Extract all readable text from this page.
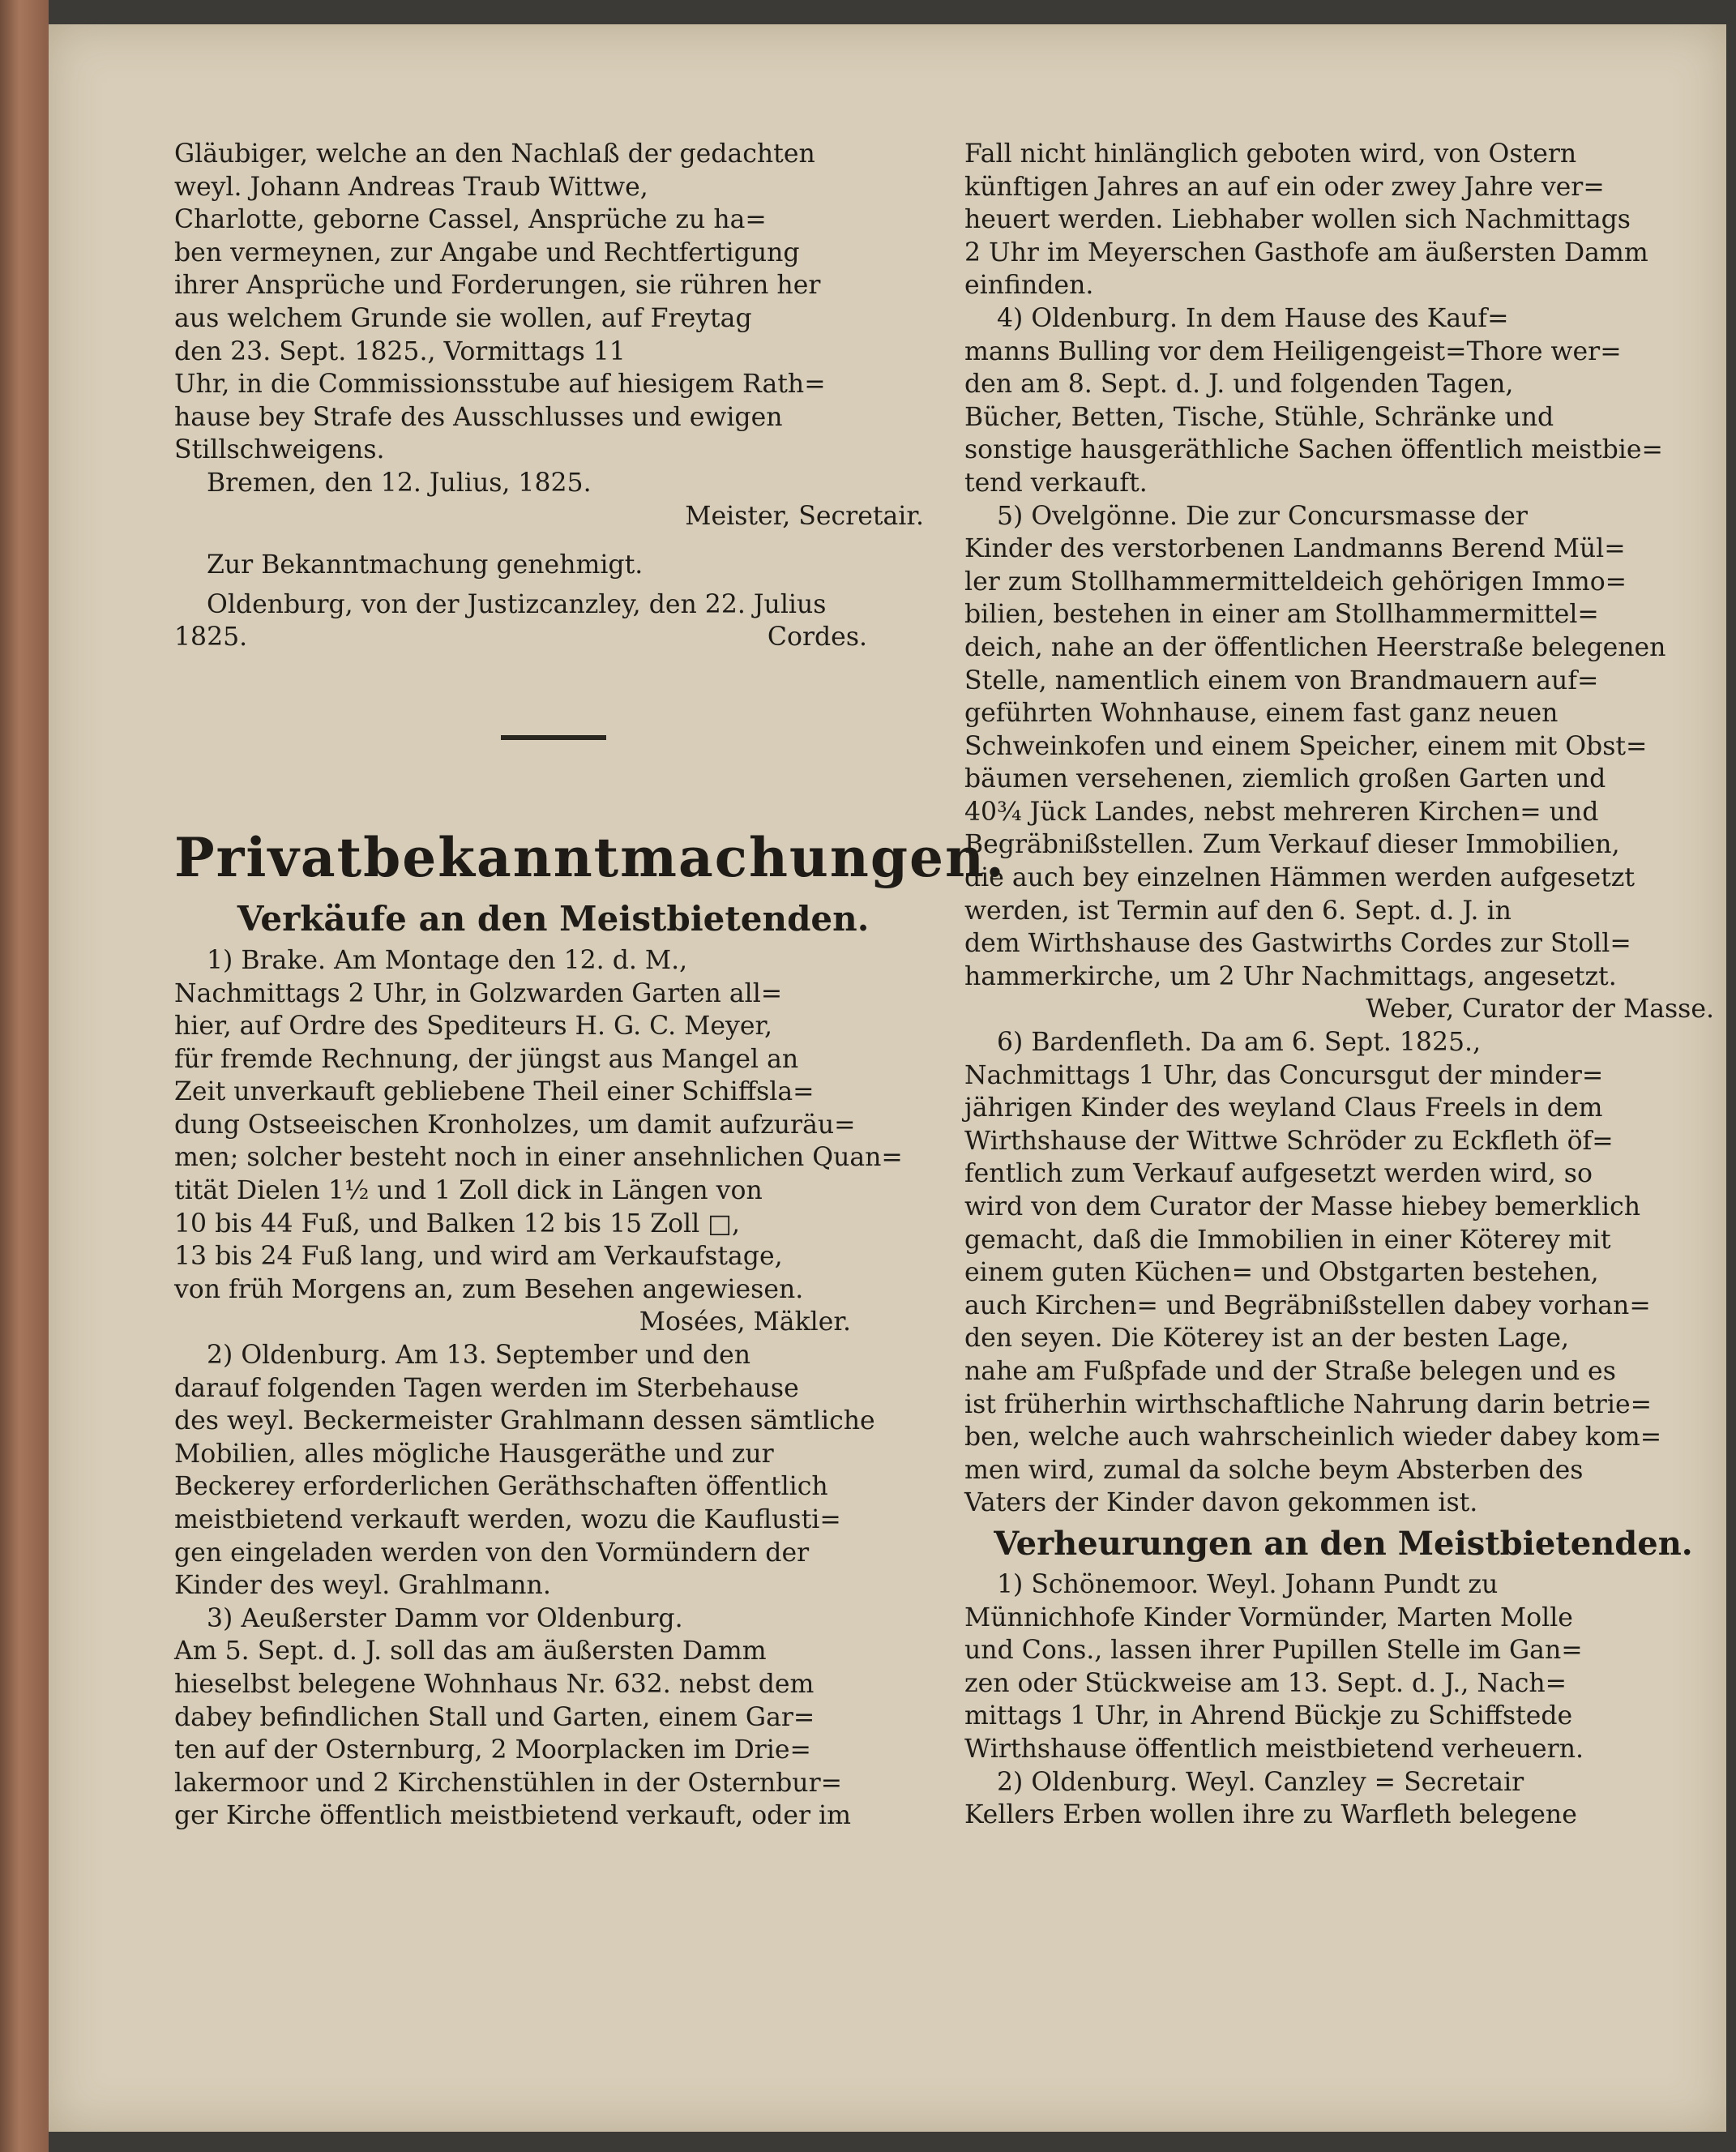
Gläubiger, welche an den Nachlaß der gedachten

weyl. Johann Andreas Traub Wittwe,

Charlotte, geborne Cassel, Ansprüche zu ha=

ben vermeynen, zur Angabe und Rechtfertigung

ihrer Ansprüche und Forderungen, sie rühren her

aus welchem Grunde sie wollen, auf Freytag

den 23. Sept. 1825., Vormittags 11

Uhr, in die Commissionsstube auf hiesigem Rath=

hause bey Strafe des Ausschlusses und ewigen

Stillschweigens.

Bremen, den 12. Julius, 1825.

Meister, Secretair.

Zur Bekanntmachung genehmigt.

Oldenburg, von der Justizcanzley, den 22. Julius

1825.	Cordes.

Privatbekanntmachungen.

Verkäufe an den Meistbietenden.

1) Brake. Am Montage den 12. d. M.,

Nachmittags 2 Uhr, in Golzwarden Garten all=

hier, auf Ordre des Spediteurs H. G. C. Meyer,

für fremde Rechnung, der jüngst aus Mangel an

Zeit unverkauft gebliebene Theil einer Schiffsla=

dung Ostseeischen Kronholzes, um damit aufzuräu=

men; solcher besteht noch in einer ansehnlichen Quan=

tität Dielen 1½ und 1 Zoll dick in Längen von

10 bis 44 Fuß, und Balken 12 bis 15 Zoll □,

13 bis 24 Fuß lang, und wird am Verkaufstage,

von früh Morgens an, zum Besehen angewiesen.

Mosées, Mäkler.

2) Oldenburg. Am 13. September und den

darauf folgenden Tagen werden im Sterbehause

des weyl. Beckermeister Grahlmann dessen sämtliche

Mobilien, alles mögliche Hausgeräthe und zur

Beckerey erforderlichen Geräthschaften öffentlich

meistbietend verkauft werden, wozu die Kauflusti=

gen eingeladen werden von den Vormündern der

Kinder des weyl. Grahlmann.

3) Aeußerster Damm vor Oldenburg.

Am 5. Sept. d. J. soll das am äußersten Damm

hieselbst belegene Wohnhaus Nr. 632. nebst dem

dabey befindlichen Stall und Garten, einem Gar=

ten auf der Osternburg, 2 Moorplacken im Drie=

lakermoor und 2 Kirchenstühlen in der Osternbur=

ger Kirche öffentlich meistbietend verkauft, oder im

Fall nicht hinlänglich geboten wird, von Ostern

künftigen Jahres an auf ein oder zwey Jahre ver=

heuert werden. Liebhaber wollen sich Nachmittags

2 Uhr im Meyerschen Gasthofe am äußersten Damm

einfinden.

4) Oldenburg. In dem Hause des Kauf=

manns Bulling vor dem Heiligengeist=Thore wer=

den am 8. Sept. d. J. und folgenden Tagen,

Bücher, Betten, Tische, Stühle, Schränke und

sonstige hausgeräthliche Sachen öffentlich meistbie=

tend verkauft.

5) Ovelgönne. Die zur Concursmasse der

Kinder des verstorbenen Landmanns Berend Mül=

ler zum Stollhammermitteldeich gehörigen Immo=

bilien, bestehen in einer am Stollhammermittel=

deich, nahe an der öffentlichen Heerstraße belegenen

Stelle, namentlich einem von Brandmauern auf=

geführten Wohnhause, einem fast ganz neuen

Schweinkofen und einem Speicher, einem mit Obst=

bäumen versehenen, ziemlich großen Garten und

40¾ Jück Landes, nebst mehreren Kirchen= und

Begräbnißstellen. Zum Verkauf dieser Immobilien,

die auch bey einzelnen Hämmen werden aufgesetzt

werden, ist Termin auf den 6. Sept. d. J. in

dem Wirthshause des Gastwirths Cordes zur Stoll=

hammerkirche, um 2 Uhr Nachmittags, angesetzt.

Weber, Curator der Masse.

6) Bardenfleth. Da am 6. Sept. 1825.,

Nachmittags 1 Uhr, das Concursgut der minder=

jährigen Kinder des weyland Claus Freels in dem

Wirthshause der Wittwe Schröder zu Eckfleth öf=

fentlich zum Verkauf aufgesetzt werden wird, so

wird von dem Curator der Masse hiebey bemerklich

gemacht, daß die Immobilien in einer Köterey mit

einem guten Küchen= und Obstgarten bestehen,

auch Kirchen= und Begräbnißstellen dabey vorhan=

den seyen. Die Köterey ist an der besten Lage,

nahe am Fußpfade und der Straße belegen und es

ist früherhin wirthschaftliche Nahrung darin betrie=

ben, welche auch wahrscheinlich wieder dabey kom=

men wird, zumal da solche beym Absterben des

Vaters der Kinder davon gekommen ist.

Verheurungen an den Meistbietenden.

1) Schönemoor. Weyl. Johann Pundt zu

Münnichhofe Kinder Vormünder, Marten Molle

und Cons., lassen ihrer Pupillen Stelle im Gan=

zen oder Stückweise am 13. Sept. d. J., Nach=

mittags 1 Uhr, in Ahrend Bückje zu Schiffstede

Wirthshause öffentlich meistbietend verheuern.

2) Oldenburg. Weyl. Canzley = Secretair

Kellers Erben wollen ihre zu Warfleth belegene
